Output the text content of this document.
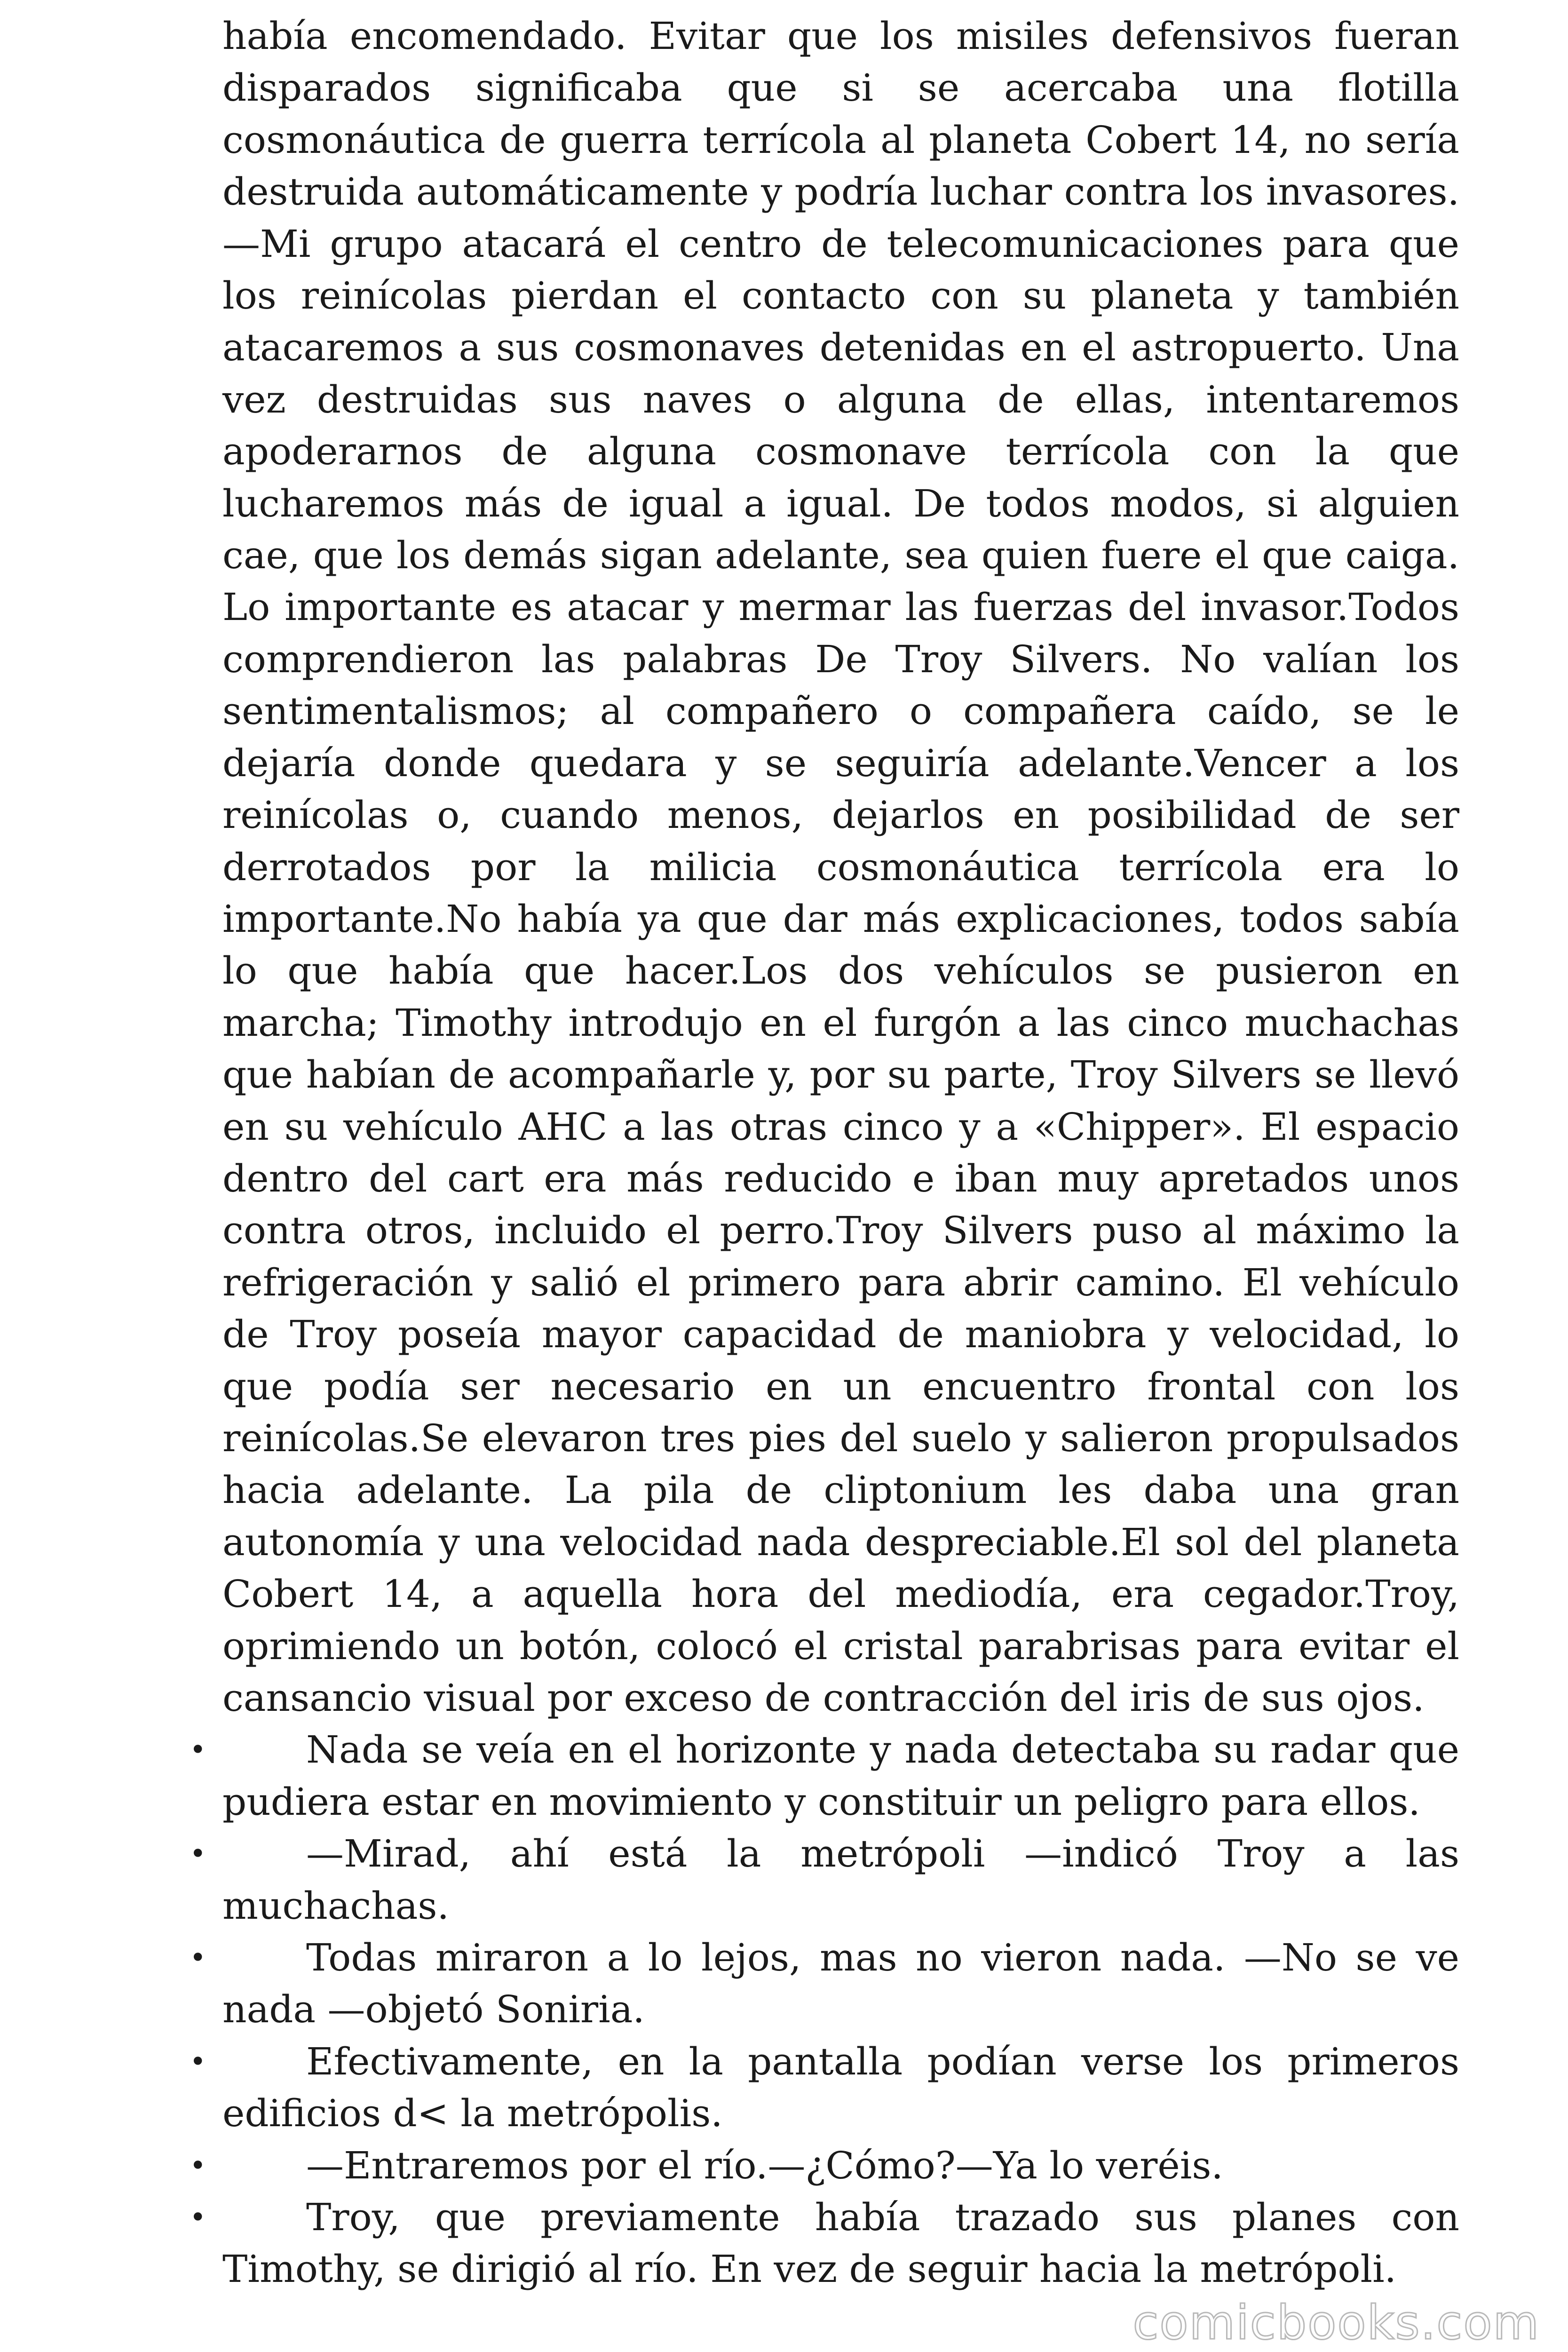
había encomendado. Evitar que los misiles defensivos fueran disparados significaba que si se acercaba una flotilla cosmonáutica de guerra terrícola al planeta Cobert 14, no sería destruida automáticamente y podría luchar contra los invasores. —Mi grupo atacará el centro de telecomunicaciones para que los reinícolas pierdan el contacto con su planeta y también atacaremos a sus cosmonaves detenidas en el astropuerto. Una vez destruidas sus naves o alguna de ellas, intentaremos apoderarnos de alguna cosmonave terrícola con la que lucharemos más de igual a igual. De todos modos, si alguien cae, que los demás sigan adelante, sea quien fuere el que caiga. Lo importante es atacar y mermar las fuerzas del invasor.Todos comprendieron las palabras De Troy Silvers. No valían los sentimentalismos; al compañero o compañera caído, se le dejaría donde quedara y se seguiría adelante.Vencer a los reinícolas o, cuando menos, dejarlos en posibilidad de ser derrotados por la milicia cosmonáutica terrícola era lo importante.No había ya que dar más explicaciones, todos sabía lo que había que hacer.Los dos vehículos se pusieron en marcha; Timothy introdujo en el furgón a las cinco muchachas que habían de acompañarle y, por su parte, Troy Silvers se llevó en su vehículo AHC a las otras cinco y a «Chipper». El espacio dentro del cart era más reducido e iban muy apretados unos contra otros, incluido el perro.Troy Silvers puso al máximo la refrigeración y salió el primero para abrir camino. El vehículo de Troy poseía mayor capacidad de maniobra y velocidad, lo que podía ser necesario en un encuentro frontal con los reinícolas.Se elevaron tres pies del suelo y salieron propulsados hacia adelante. La pila de cliptonium les daba una gran autonomía y una velocidad nada despreciable.El sol del planeta Cobert 14, a aquella hora del mediodía, era cegador.Troy, oprimiendo un botón, colocó el cristal parabrisas para evitar el cansancio visual por exceso de contracción del iris de sus ojos.

•	Nada se veía en el horizonte y nada detectaba su radar que pudiera estar en movimiento y constituir un peligro para ellos.
•	—Mirad, ahí está la metrópoli —indicó Troy a las muchachas.
•	Todas miraron a lo lejos, mas no vieron nada. —No se ve nada —objetó Soniria.
•	Efectivamente, en la pantalla podían verse los primeros edificios d< la metrópolis.
•	—Entraremos por el río.—¿Cómo?—Ya lo veréis.
•	Troy, que previamente había trazado sus planes con Timothy, se dirigió al río. En vez de seguir hacia la metrópoli.
comicbooks.com
